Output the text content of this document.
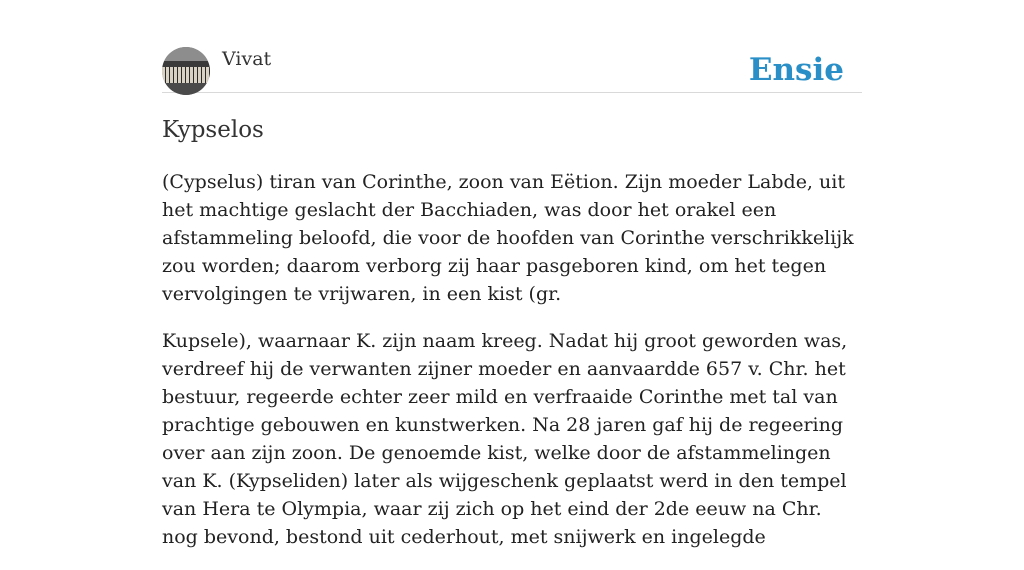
Vivat	Ensie
Kypselos

(Cypselus) tiran van Corinthe, zoon van Eëtion. Zijn moeder Labde, uit het machtige geslacht der Bacchiaden, was door het orakel een afstammeling beloofd, die voor de hoofden van Corinthe verschrikkelijk zou worden; daarom verborg zij haar pasgeboren kind, om het tegen vervolgingen te vrijwaren, in een kist (gr.

Kupsele), waarnaar K. zijn naam kreeg. Nadat hij groot geworden was, verdreef hij de verwanten zijner moeder en aanvaardde 657 v. Chr. het bestuur, regeerde echter zeer mild en verfraaide Corinthe met tal van prachtige gebouwen en kunstwerken. Na 28 jaren gaf hij de regeering over aan zijn zoon. De genoemde kist, welke door de afstammelingen van K. (Kypseliden) later als wijgeschenk geplaatst werd in den tempel van Hera te Olympia, waar zij zich op het eind der 2de eeuw na Chr. nog bevond, bestond uit cederhout, met snijwerk en ingelegde
